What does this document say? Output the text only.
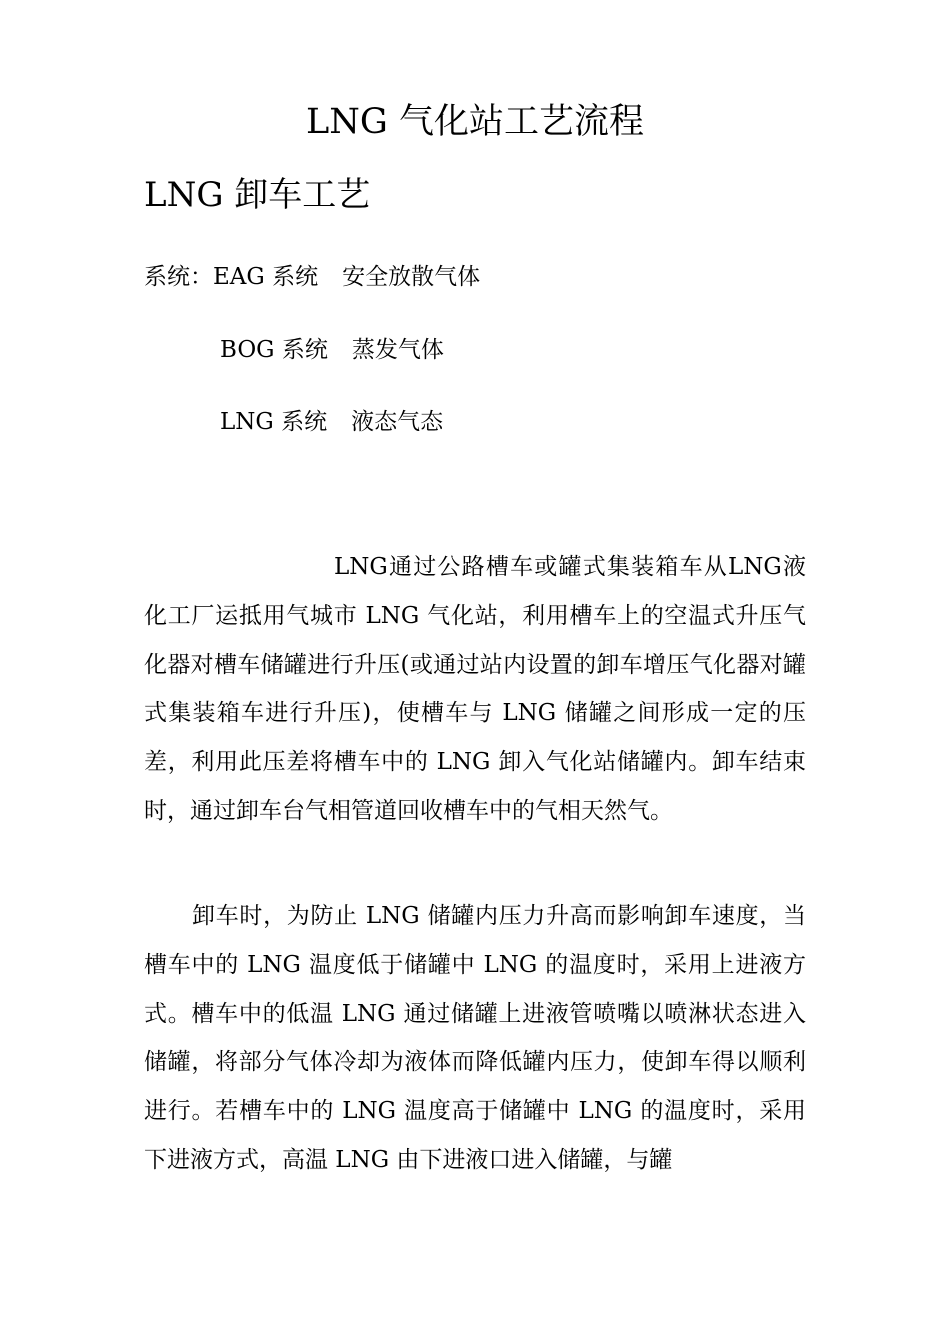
LNG 气化站工艺流程
LNG 卸车工艺
系统：EAG 系统 安全放散气体
BOG 系统 蒸发气体
LNG 系统 液态气态

LNG通过公路槽车或罐式集装箱车从LNG液化工厂运抵用气城市 LNG 气化站，利用槽车上的空温式升压气化器对槽车储罐进行升压(或通过站内设置的卸车增压气化器对罐式集装箱车进行升压)，使槽车与 LNG 储罐之间形成一定的压差，利用此压差将槽车中的 LNG 卸入气化站储罐内。卸车结束时，通过卸车台气相管道回收槽车中的气相天然气。

卸车时，为防止 LNG 储罐内压力升高而影响卸车速度，当槽车中的 LNG 温度低于储罐中 LNG 的温度时，采用上进液方式。槽车中的低温 LNG 通过储罐上进液管喷嘴以喷淋状态进入储罐，将部分气体冷却为液体而降低罐内压力，使卸车得以顺利进行。若槽车中的 LNG 温度高于储罐中 LNG 的温度时，采用下进液方式，高温 LNG 由下进液口进入储罐，与罐
